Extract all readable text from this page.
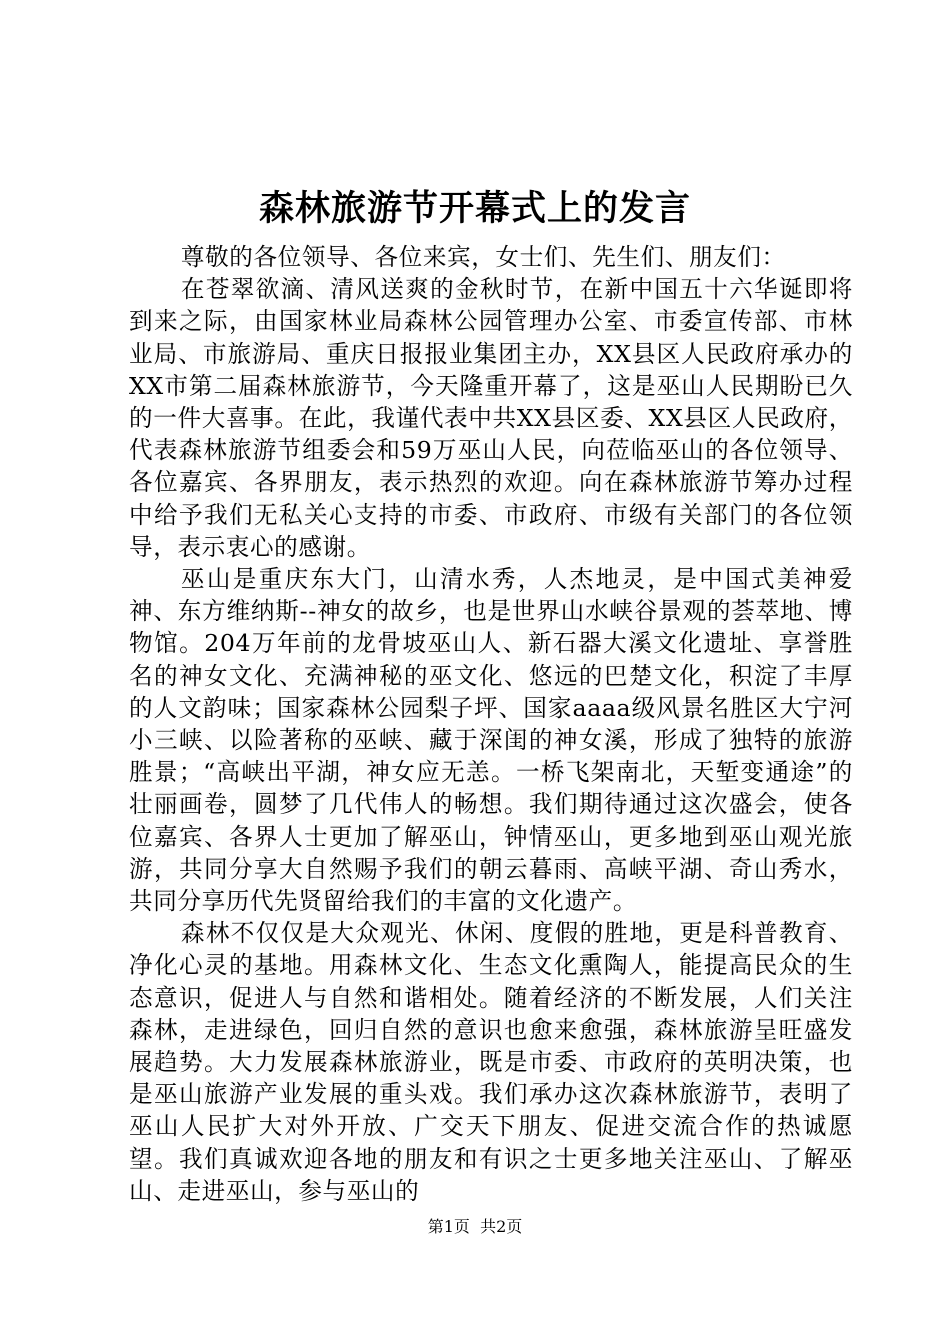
森林旅游节开幕式上的发言

尊敬的各位领导、各位来宾，女士们、先生们、朋友们：

在苍翠欲滴、清风送爽的金秋时节，在新中国五十六华诞即将到来之际，由国家林业局森林公园管理办公室、市委宣传部、市林业局、市旅游局、重庆日报报业集团主办，XX县区人民政府承办的XX市第二届森林旅游节，今天隆重开幕了，这是巫山人民期盼已久的一件大喜事。在此，我谨代表中共XX县区委、XX县区人民政府，代表森林旅游节组委会和59万巫山人民，向莅临巫山的各位领导、各位嘉宾、各界朋友，表示热烈的欢迎。向在森林旅游节筹办过程中给予我们无私关心支持的市委、市政府、市级有关部门的各位领导，表示衷心的感谢。

巫山是重庆东大门，山清水秀，人杰地灵，是中国式美神爱神、东方维纳斯--神女的故乡，也是世界山水峡谷景观的荟萃地、博物馆。204万年前的龙骨坡巫山人、新石器大溪文化遗址、享誉胜名的神女文化、充满神秘的巫文化、悠远的巴楚文化，积淀了丰厚的人文韵味；国家森林公园梨子坪、国家aaaa级风景名胜区大宁河小三峡、以险著称的巫峡、藏于深闺的神女溪，形成了独特的旅游胜景；“高峡出平湖，神女应无恙。一桥飞架南北，天堑变通途”的壮丽画卷，圆梦了几代伟人的畅想。我们期待通过这次盛会，使各位嘉宾、各界人士更加了解巫山，钟情巫山，更多地到巫山观光旅游，共同分享大自然赐予我们的朝云暮雨、高峡平湖、奇山秀水，共同分享历代先贤留给我们的丰富的文化遗产。

森林不仅仅是大众观光、休闲、度假的胜地，更是科普教育、净化心灵的基地。用森林文化、生态文化熏陶人，能提高民众的生态意识，促进人与自然和谐相处。随着经济的不断发展，人们关注森林，走进绿色，回归自然的意识也愈来愈强，森林旅游呈旺盛发展趋势。大力发展森林旅游业，既是市委、市政府的英明决策，也是巫山旅游产业发展的重头戏。我们承办这次森林旅游节，表明了巫山人民扩大对外开放、广交天下朋友、促进交流合作的热诚愿望。我们真诚欢迎各地的朋友和有识之士更多地关注巫山、了解巫山、走进巫山，参与巫山的

第1页 共2页
